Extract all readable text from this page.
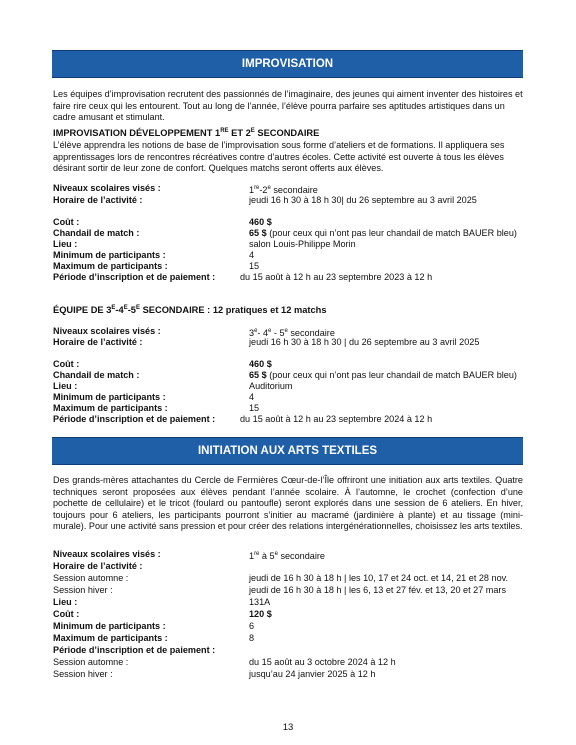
IMPROVISATION
Les équipes d’improvisation recrutent des passionnés de l’imaginaire, des jeunes qui aiment inventer des histoires et faire rire ceux qui les entourent. Tout au long de l’année, l’élève pourra parfaire ses aptitudes artistiques dans un cadre amusant et stimulant.
IMPROVISATION DÉVELOPPEMENT 1RE ET $2^E$ SECONDAIRE
L’élève apprendra les notions de base de l’improvisation sous forme d’ateliers et de formations. Il appliquera ses apprentissages lors de rencontres récréatives contre d’autres écoles. Cette activité est ouverte à tous les élèves désirant sortir de leur zone de confort. Quelques matchs seront offerts aux élèves.
Niveaux scolaires visés :	1re-2e secondaire
Horaire de l’activité :	jeudi 16 h 30 à 18 h 30| du 26 septembre au 3 avril 2025
Coût :	460 $
Chandail de match :	65 $ (pour ceux qui n’ont pas leur chandail de match BAUER bleu)
Lieu :	salon Louis-Philippe Morin
Minimum de participants :	4
Maximum de participants :	15
Période d’inscription et de paiement :	du 15 août à 12 h au 23 septembre 2023 à 12 h
ÉQUIPE DE $3^E-4^E-5^E$ SECONDAIRE : 12 pratiques et 12 matchs
Niveaux scolaires visés :	3e- 4e - 5e secondaire
Horaire de l’activité :	jeudi 16 h 30 à 18 h 30 | du 26 septembre au 3 avril 2025
Coût :	460 $
Chandail de match :	65 $ (pour ceux qui n’ont pas leur chandail de match BAUER bleu)
Lieu :	Auditorium
Minimum de participants :	4
Maximum de participants :	15
Période d’inscription et de paiement :	du 15 août à 12 h au 23 septembre 2024 à 12 h
INITIATION AUX ARTS TEXTILES
Des grands-mères attachantes du Cercle de Fermières Cœur-de-l’Île offriront une initiation aux arts textiles. Quatre techniques seront proposées aux élèves pendant l’année scolaire. À l’automne, le crochet (confection d’une pochette de cellulaire) et le tricot (foulard ou pantoufle) seront explorés dans une session de 6 ateliers. En hiver, toujours pour 6 ateliers, les participants pourront s’initier au macramé (jardinière à plante) et au tissage (mini-murale). Pour une activité sans pression et pour créer des relations intergénérationnelles, choisissez les arts textiles.
Niveaux scolaires visés :	1re à 5e secondaire
Horaire de l’activité :
Session automne :	jeudi de 16 h 30 à 18 h | les 10, 17 et 24 oct. et 14, 21 et 28 nov.
Session hiver :	jeudi de 16 h 30 à 18 h | les 6, 13 et 27 fév. et 13, 20 et 27 mars
Lieu :	131A
Coût :	120 $
Minimum de participants :	6
Maximum de participants :	8
Période d’inscription et de paiement :
Session automne :	du 15 août au 3 octobre 2024 à 12 h
Session hiver :	jusqu’au 24 janvier 2025 à 12 h
13
